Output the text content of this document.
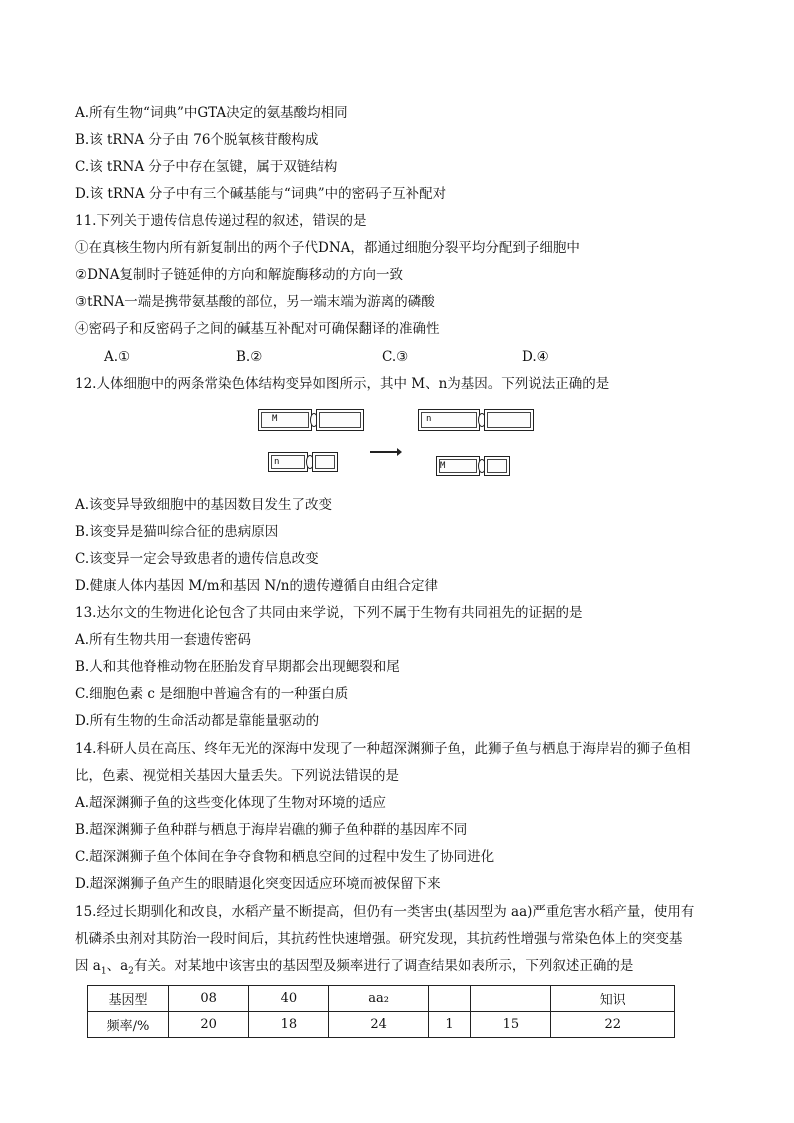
A.所有生物“词典”中GTA决定的氨基酸均相同
B.该 tRNA 分子由 76个脱氧核苷酸构成
C.该 tRNA 分子中存在氢键，属于双链结构
D.该 tRNA 分子中有三个碱基能与“词典”中的密码子互补配对
11.下列关于遗传信息传递过程的叙述，错误的是
①在真核生物内所有新复制出的两个子代DNA，都通过细胞分裂平均分配到子细胞中
②DNA复制时子链延伸的方向和解旋酶移动的方向一致
③tRNA一端是携带氨基酸的部位，另一端末端为游离的磷酸
④密码子和反密码子之间的碱基互补配对可确保翻译的准确性
A.①	B.②	C.③	D.④
12.人体细胞中的两条常染色体结构变异如图所示，其中 M、n为基因。下列说法正确的是
M
n
n
M
A.该变异导致细胞中的基因数目发生了改变
B.该变异是猫叫综合征的患病原因
C.该变异一定会导致患者的遗传信息改变
D.健康人体内基因 M/m和基因 N/n的遗传遵循自由组合定律
13.达尔文的生物进化论包含了共同由来学说，下列不属于生物有共同祖先的证据的是
A.所有生物共用一套遗传密码
B.人和其他脊椎动物在胚胎发育早期都会出现鳃裂和尾
C.细胞色素 c 是细胞中普遍含有的一种蛋白质
D.所有生物的生命活动都是靠能量驱动的
14.科研人员在高压、终年无光的深海中发现了一种超深渊狮子鱼，此狮子鱼与栖息于海岸岩的狮子鱼相
比，色素、视觉相关基因大量丢失。下列说法错误的是
A.超深渊狮子鱼的这些变化体现了生物对环境的适应
B.超深渊狮子鱼种群与栖息于海岸岩礁的狮子鱼种群的基因库不同
C.超深渊狮子鱼个体间在争夺食物和栖息空间的过程中发生了协同进化
D.超深渊狮子鱼产生的眼睛退化突变因适应环境而被保留下来
15.经过长期驯化和改良，水稻产量不断提高，但仍有一类害虫(基因型为 aa)严重危害水稻产量，使用有
机磷杀虫剂对其防治一段时间后，其抗药性快速增强。研究发现，其抗药性增强与常染色体上的突变基
因 $a_1$、$a_2$有关。对某地中该害虫的基因型及频率进行了调查结果如表所示，下列叙述正确的是
基因型	08	40	aa₂			知识
频率/%	20	18	24	1	15	22
